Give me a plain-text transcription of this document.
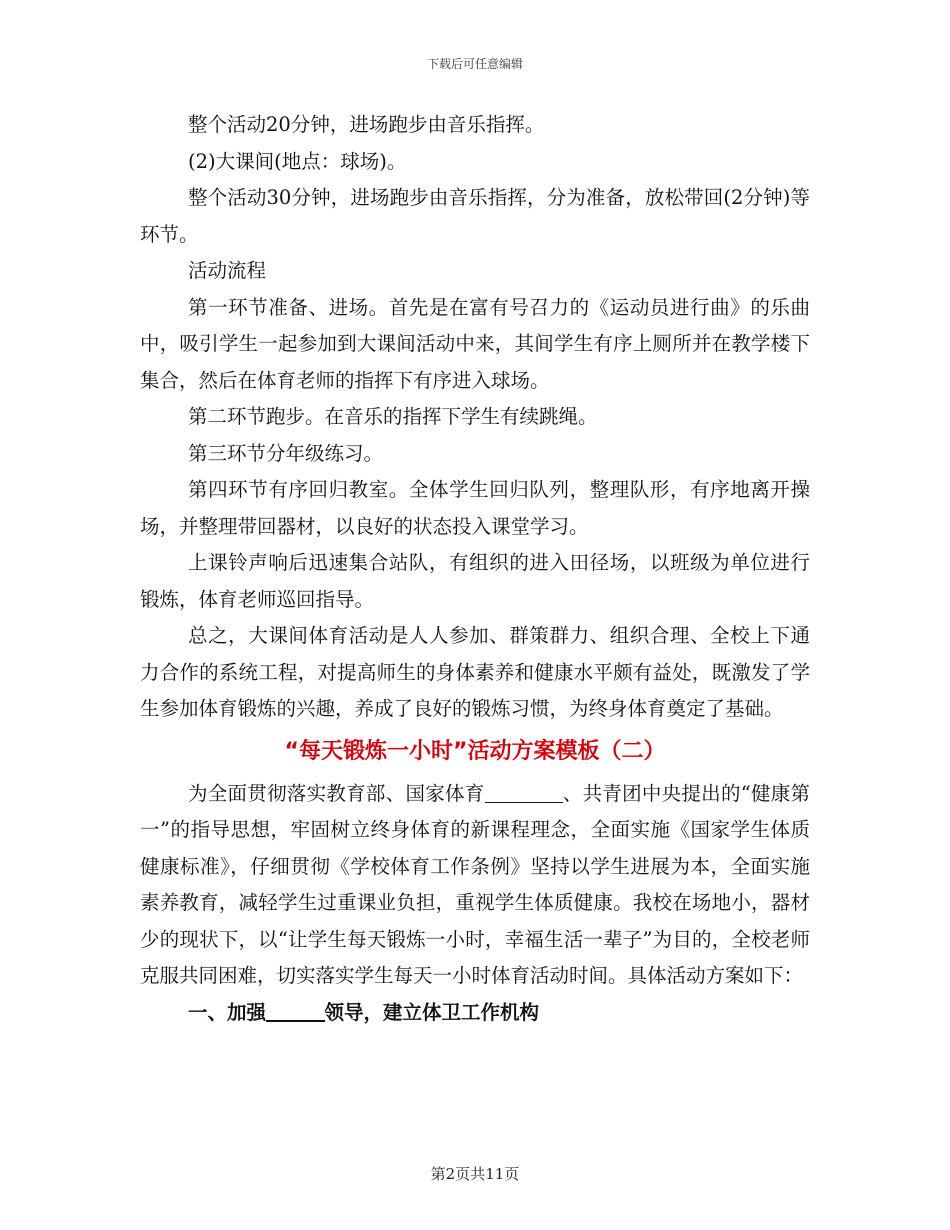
下载后可任意编辑

整个活动20分钟，进场跑步由音乐指挥。

(2)大课间(地点：球场)。

整个活动30分钟，进场跑步由音乐指挥，分为准备，放松带回(2分钟)等环节。

活动流程

第一环节准备、进场。首先是在富有号召力的《运动员进行曲》的乐曲中，吸引学生一起参加到大课间活动中来，其间学生有序上厕所并在教学楼下集合，然后在体育老师的指挥下有序进入球场。

第二环节跑步。在音乐的指挥下学生有续跳绳。

第三环节分年级练习。

第四环节有序回归教室。全体学生回归队列，整理队形，有序地离开操场，并整理带回器材，以良好的状态投入课堂学习。

上课铃声响后迅速集合站队，有组织的进入田径场，以班级为单位进行锻炼，体育老师巡回指导。

总之，大课间体育活动是人人参加、群策群力、组织合理、全校上下通力合作的系统工程，对提高师生的身体素养和健康水平颇有益处，既激发了学生参加体育锻炼的兴趣，养成了良好的锻炼习惯，为终身体育奠定了基础。

“每天锻炼一小时”活动方案模板（二）

为全面贯彻落实教育部、国家体育	、共青团中央提出的“健康第一”的指导思想，牢固树立终身体育的新课程理念，全面实施《国家学生体质健康标准》，仔细贯彻《学校体育工作条例》坚持以学生进展为本，全面实施素养教育，减轻学生过重课业负担，重视学生体质健康。我校在场地小，器材少的现状下，以“让学生每天锻炼一小时，幸福生活一辈子”为目的，全校老师克服共同困难，切实落实学生每天一小时体育活动时间。具体活动方案如下：

一、加强	领导，建立体卫工作机构

第2页共11页
